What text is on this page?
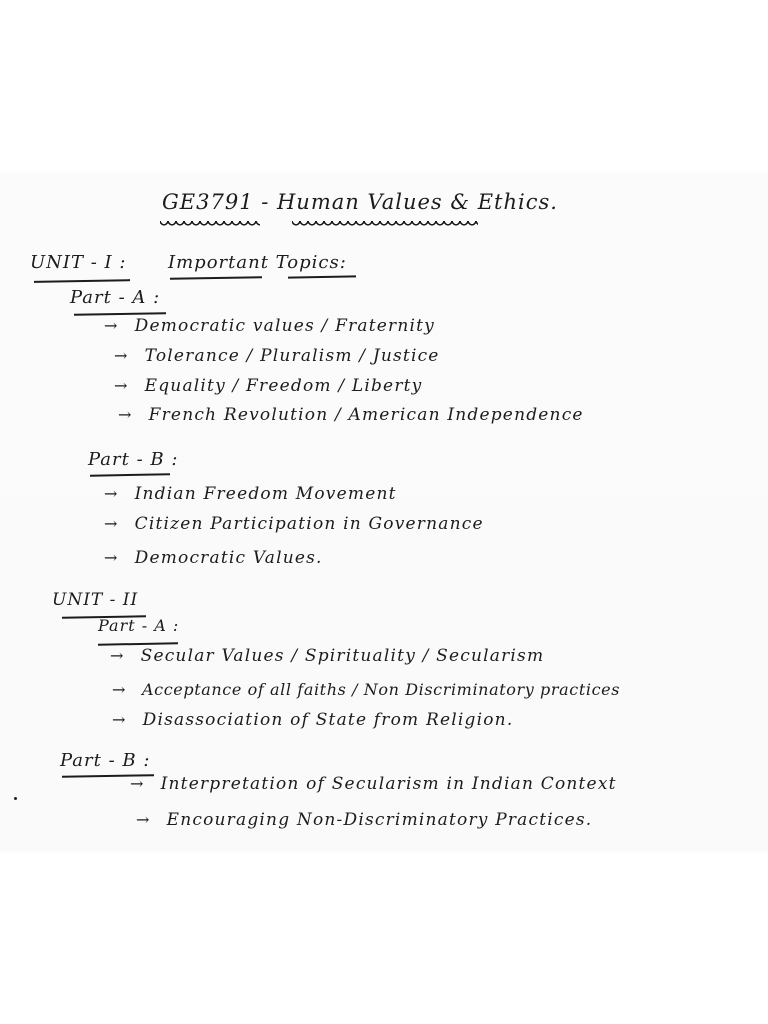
GE3791 - Human Values & Ethics.
UNIT - I : Important Topics:
Part - A :
→ Democratic values / Fraternity
→ Tolerance / Pluralism / Justice
→ Equality / Freedom / Liberty
→ French Revolution / American Independence
Part - B :
→ Indian Freedom Movement
→ Citizen Participation in Governance
→ Democratic Values.
UNIT - II
Part - A :
→ Secular Values / Spirituality / Secularism
→ Acceptance of all faiths / Non Discriminatory practices
→ Disassociation of State from Religion.
Part - B :
→ Interpretation of Secularism in Indian Context
→ Encouraging Non-Discriminatory Practices.
